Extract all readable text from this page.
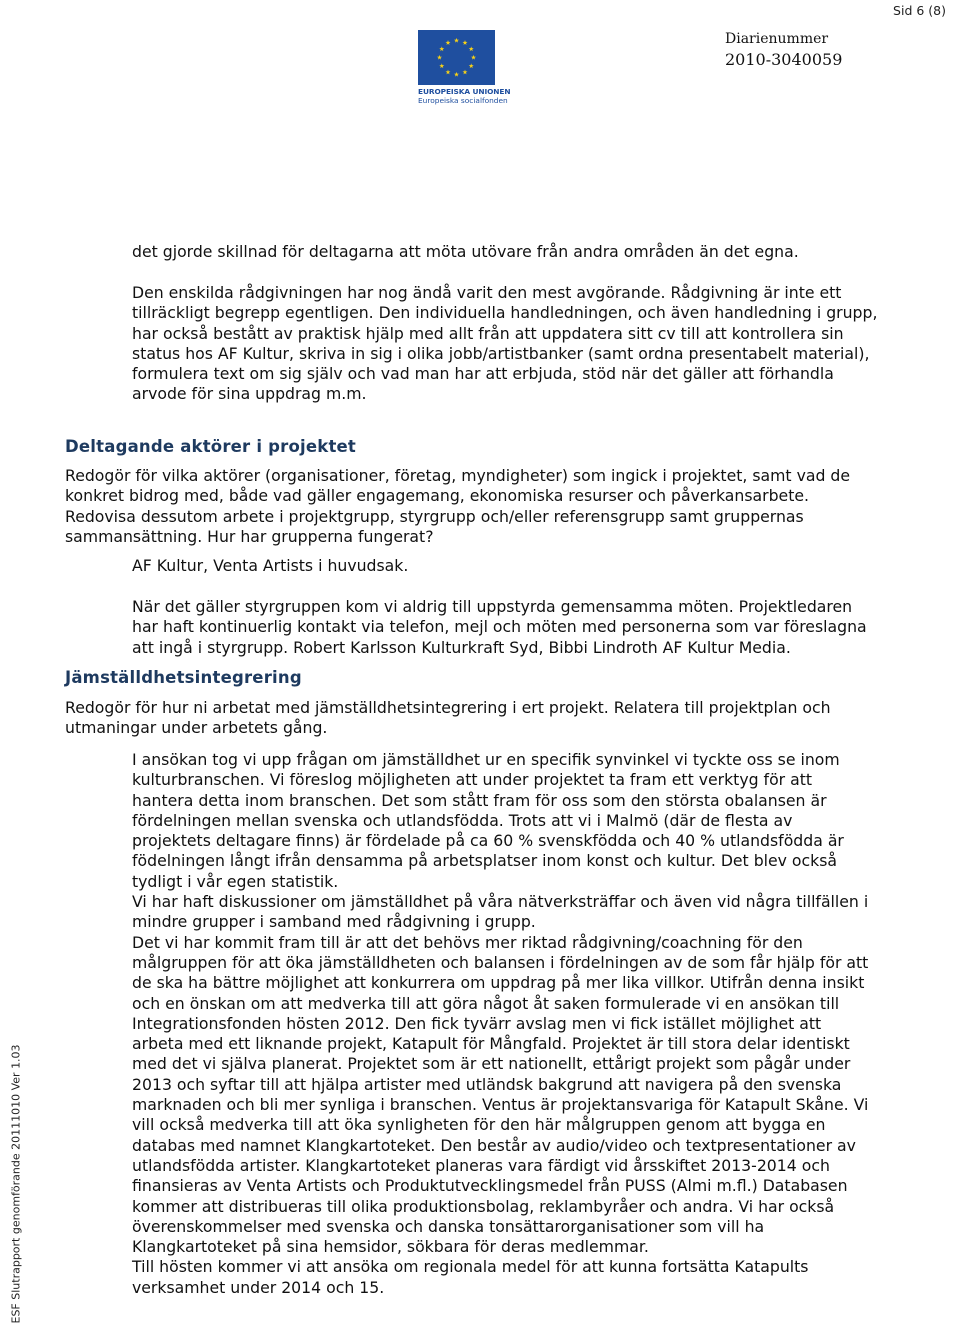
Sid 6 (8)
EUROPEISKA UNIONEN
Europeiska socialfonden
Diarienummer
2010-3040059
ESF Slutrapport genomförande 20111010 Ver 1.03
det gjorde skillnad för deltagarna att möta utövare från andra områden än det egna.
Den enskilda rådgivningen har nog ändå varit den mest avgörande. Rådgivning är inte ett
tillräckligt begrepp egentligen. Den individuella handledningen, och även handledning i grupp,
har också bestått av praktisk hjälp med allt från att uppdatera sitt cv till att kontrollera sin
status hos AF Kultur, skriva in sig i olika jobb/artistbanker (samt ordna presentabelt material),
formulera text om sig själv och vad man har att erbjuda, stöd när det gäller att förhandla
arvode för sina uppdrag m.m.
Deltagande aktörer i projektet
Redogör för vilka aktörer (organisationer, företag, myndigheter) som ingick i projektet, samt vad de
konkret bidrog med, både vad gäller engagemang, ekonomiska resurser och påverkansarbete.
Redovisa dessutom arbete i projektgrupp, styrgrupp och/eller referensgrupp samt gruppernas
sammansättning. Hur har grupperna fungerat?
AF Kultur, Venta Artists i huvudsak.
När det gäller styrgruppen kom vi aldrig till uppstyrda gemensamma möten. Projektledaren
har haft kontinuerlig kontakt via telefon, mejl och möten med personerna som var föreslagna
att ingå i styrgrupp. Robert Karlsson Kulturkraft Syd, Bibbi Lindroth AF Kultur Media.
Jämställdhetsintegrering
Redogör för hur ni arbetat med jämställdhetsintegrering i ert projekt. Relatera till projektplan och
utmaningar under arbetets gång.
I ansökan tog vi upp frågan om jämställdhet ur en specifik synvinkel vi tyckte oss se inom
kulturbranschen. Vi föreslog möjligheten att under projektet ta fram ett verktyg för att
hantera detta inom branschen. Det som stått fram för oss som den största obalansen är
fördelningen mellan svenska och utlandsfödda. Trots att vi i Malmö (där de flesta av
projektets deltagare finns) är fördelade på ca 60 % svenskfödda och 40 % utlandsfödda är
födelningen långt ifrån densamma på arbetsplatser inom konst och kultur. Det blev också
tydligt i vår egen statistik.
Vi har haft diskussioner om jämställdhet på våra nätverksträffar och även vid några tillfällen i
mindre grupper i samband med rådgivning i grupp.
Det vi har kommit fram till är att det behövs mer riktad rådgivning/coachning för den
målgruppen för att öka jämställdheten och balansen i fördelningen av de som får hjälp för att
de ska ha bättre möjlighet att konkurrera om uppdrag på mer lika villkor. Utifrån denna insikt
och en önskan om att medverka till att göra något åt saken formulerade vi en ansökan till
Integrationsfonden hösten 2012. Den fick tyvärr avslag men vi fick istället möjlighet att
arbeta med ett liknande projekt, Katapult för Mångfald. Projektet är till stora delar identiskt
med det vi själva planerat. Projektet som är ett nationellt, ettårigt projekt som pågår under
2013 och syftar till att hjälpa artister med utländsk bakgrund att navigera på den svenska
marknaden och bli mer synliga i branschen. Ventus är projektansvariga för Katapult Skåne. Vi
vill också medverka till att öka synligheten för den här målgruppen genom att bygga en
databas med namnet Klangkartoteket. Den består av audio/video och textpresentationer av
utlandsfödda artister. Klangkartoteket planeras vara färdigt vid årsskiftet 2013-2014 och
finansieras av Venta Artists och Produktutvecklingsmedel från PUSS (Almi m.fl.) Databasen
kommer att distribueras till olika produktionsbolag, reklambyråer och andra. Vi har också
överenskommelser med svenska och danska tonsättarorganisationer som vill ha
Klangkartoteket på sina hemsidor, sökbara för deras medlemmar.
Till hösten kommer vi att ansöka om regionala medel för att kunna fortsätta Katapults
verksamhet under 2014 och 15.
